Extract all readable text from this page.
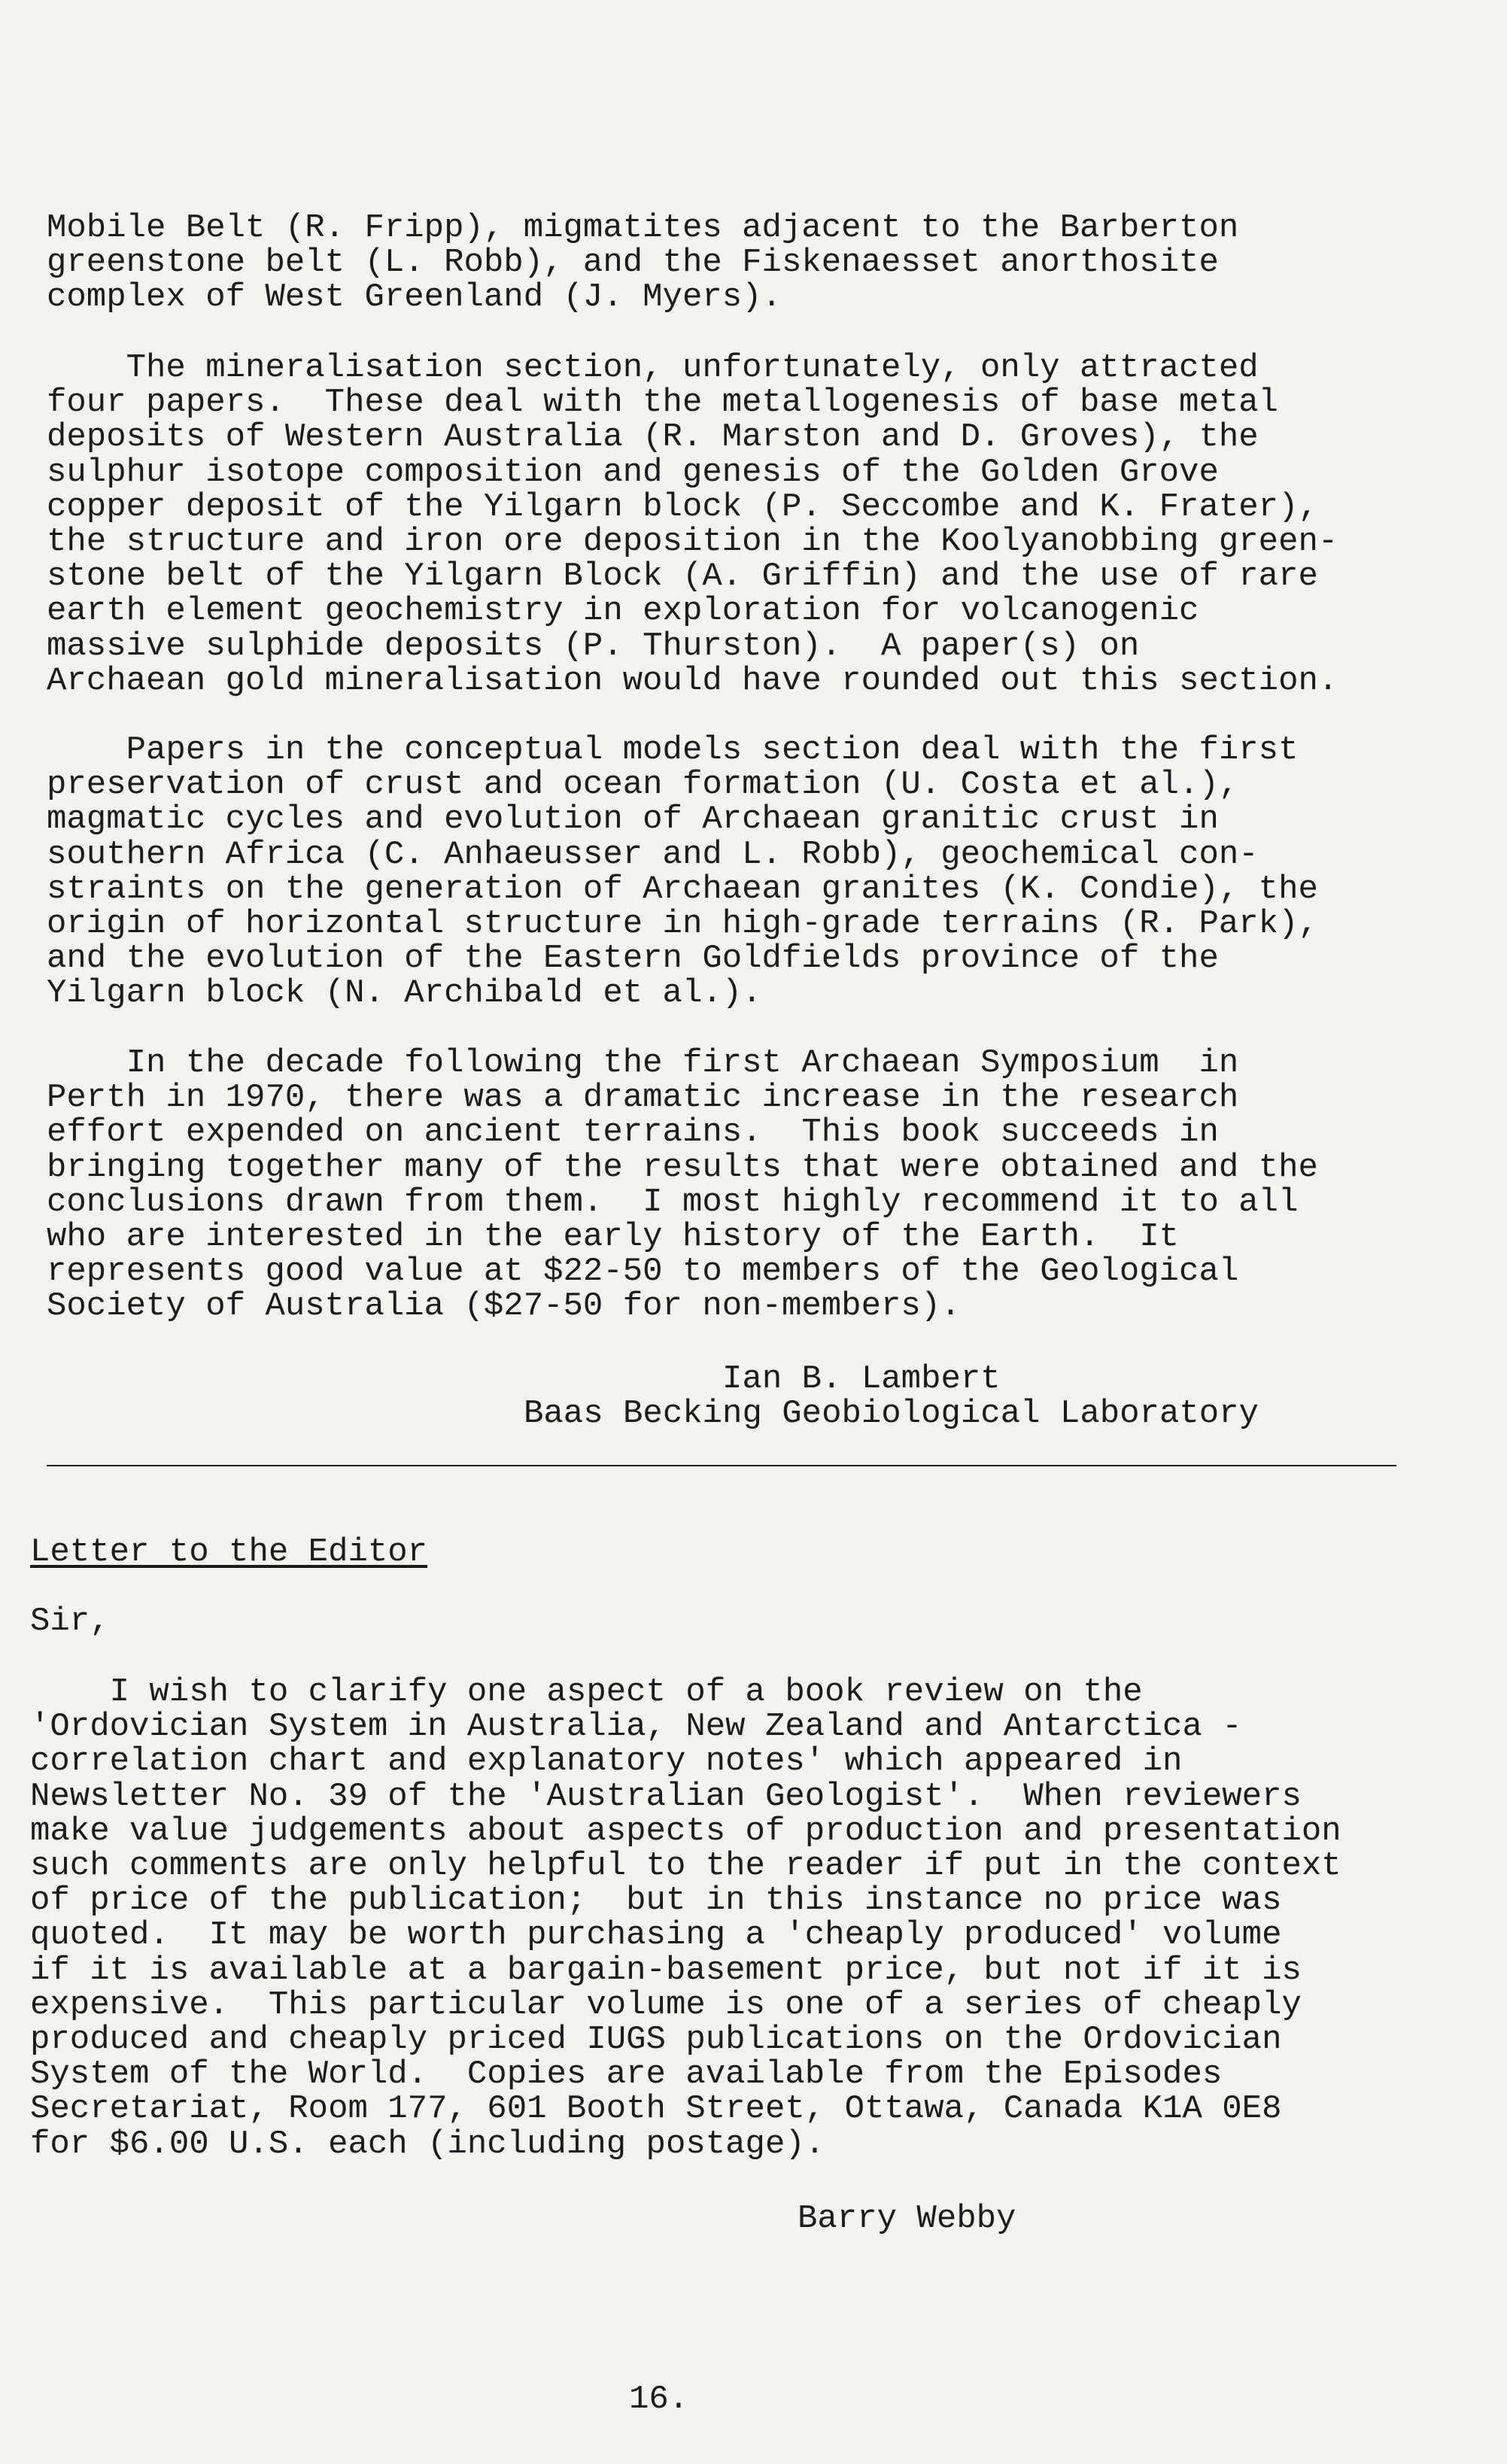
Mobile Belt (R. Fripp), migmatites adjacent to the Barberton
greenstone belt (L. Robb), and the Fiskenaesset anorthosite
complex of West Greenland (J. Myers).

The mineralisation section, unfortunately, only attracted
four papers.  These deal with the metallogenesis of base metal
deposits of Western Australia (R. Marston and D. Groves), the
sulphur isotope composition and genesis of the Golden Grove
copper deposit of the Yilgarn block (P. Seccombe and K. Frater),
the structure and iron ore deposition in the Koolyanobbing green-
stone belt of the Yilgarn Block (A. Griffin) and the use of rare
earth element geochemistry in exploration for volcanogenic
massive sulphide deposits (P. Thurston).  A paper(s) on
Archaean gold mineralisation would have rounded out this section.

Papers in the conceptual models section deal with the first
preservation of crust and ocean formation (U. Costa et al.),
magmatic cycles and evolution of Archaean granitic crust in
southern Africa (C. Anhaeusser and L. Robb), geochemical con-
straints on the generation of Archaean granites (K. Condie), the
origin of horizontal structure in high-grade terrains (R. Park),
and the evolution of the Eastern Goldfields province of the
Yilgarn block (N. Archibald et al.).

In the decade following the first Archaean Symposium  in
Perth in 1970, there was a dramatic increase in the research
effort expended on ancient terrains.  This book succeeds in
bringing together many of the results that were obtained and the
conclusions drawn from them.  I most highly recommend it to all
who are interested in the early history of the Earth.  It
represents good value at $22-50 to members of the Geological
Society of Australia ($27-50 for non-members).

Ian B. Lambert
Baas Becking Geobiological Laboratory

Letter to the Editor

Sir,

I wish to clarify one aspect of a book review on the
'Ordovician System in Australia, New Zealand and Antarctica -
correlation chart and explanatory notes' which appeared in
Newsletter No. 39 of the 'Australian Geologist'.  When reviewers
make value judgements about aspects of production and presentation
such comments are only helpful to the reader if put in the context
of price of the publication;  but in this instance no price was
quoted.  It may be worth purchasing a 'cheaply produced' volume
if it is available at a bargain-basement price, but not if it is
expensive.  This particular volume is one of a series of cheaply
produced and cheaply priced IUGS publications on the Ordovician
System of the World.  Copies are available from the Episodes
Secretariat, Room 177, 601 Booth Street, Ottawa, Canada K1A 0E8
for $6.00 U.S. each (including postage).

Barry Webby

16.
